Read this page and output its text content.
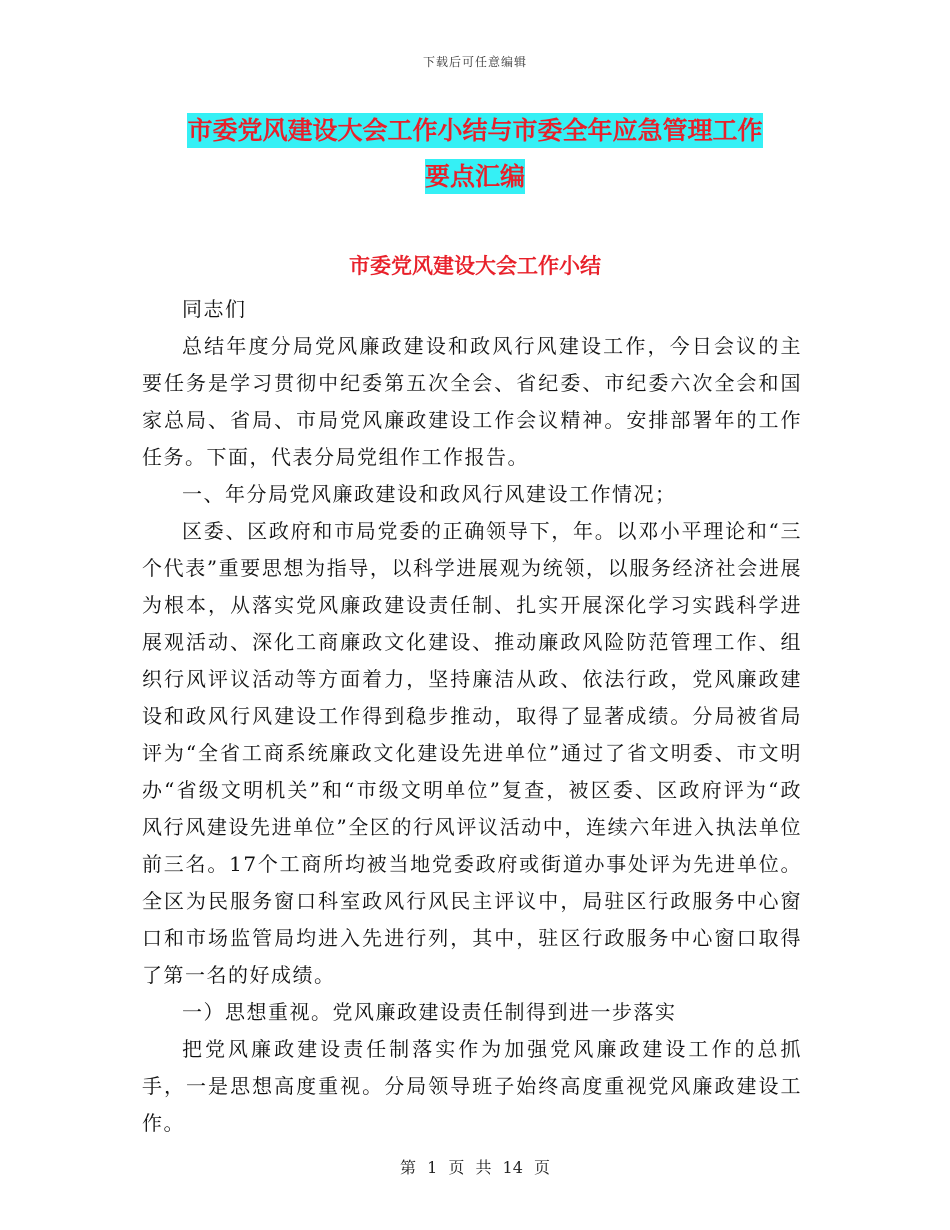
下载后可任意编辑
市委党风建设大会工作小结与市委全年应急管理工作
要点汇编
市委党风建设大会工作小结

同志们

总结年度分局党风廉政建设和政风行风建设工作，今日会议的主要任务是学习贯彻中纪委第五次全会、省纪委、市纪委六次全会和国家总局、省局、市局党风廉政建设工作会议精神。安排部署年的工作任务。下面，代表分局党组作工作报告。

一、年分局党风廉政建设和政风行风建设工作情况；

区委、区政府和市局党委的正确领导下，年。以邓小平理论和“三个代表”重要思想为指导，以科学进展观为统领，以服务经济社会进展为根本，从落实党风廉政建设责任制、扎实开展深化学习实践科学进展观活动、深化工商廉政文化建设、推动廉政风险防范管理工作、组织行风评议活动等方面着力，坚持廉洁从政、依法行政，党风廉政建设和政风行风建设工作得到稳步推动，取得了显著成绩。分局被省局评为“全省工商系统廉政文化建设先进单位”通过了省文明委、市文明办“省级文明机关”和“市级文明单位”复查，被区委、区政府评为“政风行风建设先进单位”全区的行风评议活动中，连续六年进入执法单位前三名。17个工商所均被当地党委政府或街道办事处评为先进单位。全区为民服务窗口科室政风行风民主评议中，局驻区行政服务中心窗口和市场监管局均进入先进行列，其中，驻区行政服务中心窗口取得了第一名的好成绩。

一）思想重视。党风廉政建设责任制得到进一步落实

把党风廉政建设责任制落实作为加强党风廉政建设工作的总抓手，一是思想高度重视。分局领导班子始终高度重视党风廉政建设工作。

第 1 页 共 14 页
